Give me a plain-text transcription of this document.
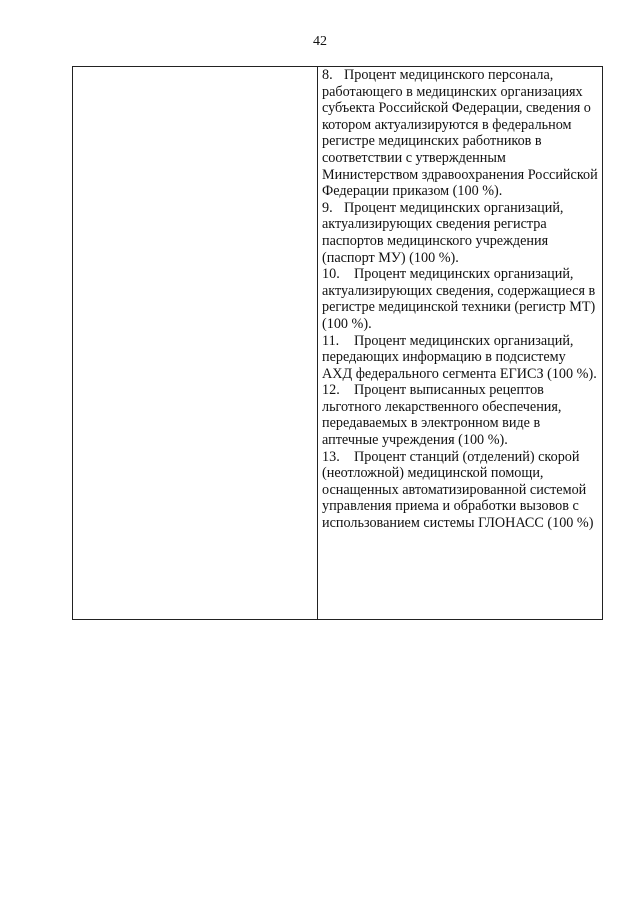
42

8. Процент медицинского персонала, работающего в медицинских организациях субъекта Российской Федерации, сведения о котором актуализируются в федеральном регистре медицинских работников в соответствии с утвержденным Министерством здравоохранения Российской Федерации приказом (100 %).

9. Процент медицинских организаций, актуализирующих сведения регистра паспортов медицинского учреждения (паспорт МУ) (100 %).

10. Процент медицинских организаций, актуализирующих сведения, содержащиеся в регистре медицинской техники (регистр МТ) (100 %).

11. Процент медицинских организаций, передающих информацию в подсистему АХД федерального сегмента ЕГИСЗ (100 %).

12. Процент выписанных рецептов льготного лекарственного обеспечения, передаваемых в электронном виде в аптечные учреждения (100 %).

13. Процент станций (отделений) скорой (неотложной) медицинской помощи, оснащенных автоматизированной системой управления приема и обработки вызовов с использованием системы ГЛОНАСС (100 %)
